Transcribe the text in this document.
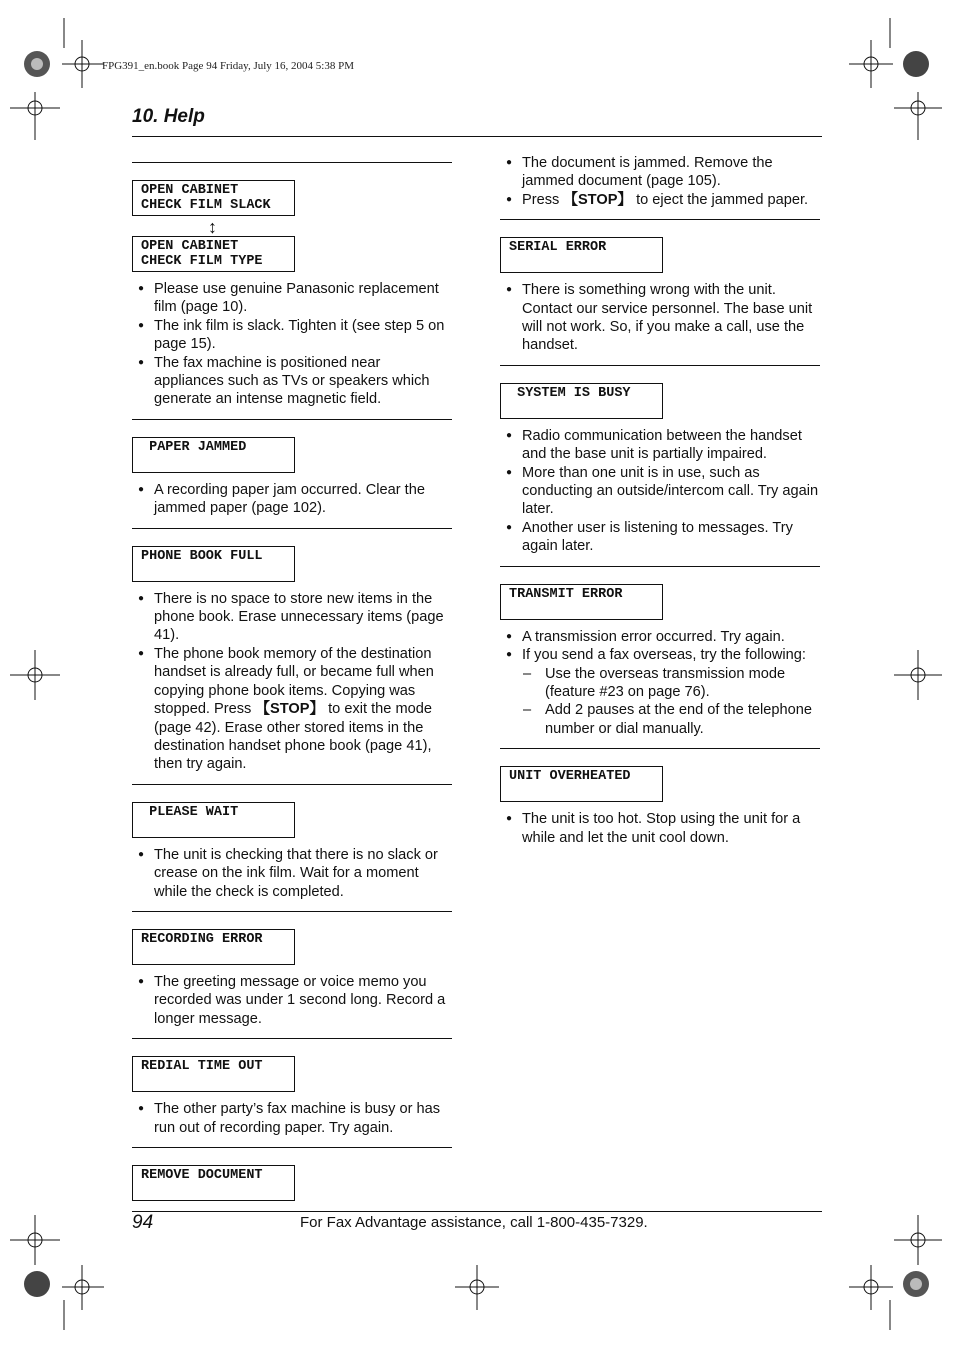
FPG391_en.book Page 94 Friday, July 16, 2004 5:38 PM
10. Help
OPEN CABINET
CHECK FILM SLACK
↕
OPEN CABINET
CHECK FILM TYPE
● Please use genuine Panasonic replacement film (page 10).
● The ink film is slack. Tighten it (see step 5 on page 15).
● The fax machine is positioned near appliances such as TVs or speakers which generate an intense magnetic field.
PAPER JAMMED
● A recording paper jam occurred. Clear the jammed paper (page 102).
PHONE BOOK FULL
● There is no space to store new items in the phone book. Erase unnecessary items (page 41).
● The phone book memory of the destination handset is already full, or became full when copying phone book items. Copying was stopped. Press 【STOP】 to exit the mode (page 42). Erase other stored items in the destination handset phone book (page 41), then try again.
PLEASE WAIT
● The unit is checking that there is no slack or crease on the ink film. Wait for a moment while the check is completed.
RECORDING ERROR
● The greeting message or voice memo you recorded was under 1 second long. Record a longer message.
REDIAL TIME OUT
● The other party’s fax machine is busy or has run out of recording paper. Try again.
REMOVE DOCUMENT
● The document is jammed. Remove the jammed document (page 105).
● Press 【STOP】 to eject the jammed paper.
SERIAL ERROR
● There is something wrong with the unit. Contact our service personnel. The base unit will not work. So, if you make a call, use the handset.
SYSTEM IS BUSY
● Radio communication between the handset and the base unit is partially impaired.
● More than one unit is in use, such as conducting an outside/intercom call. Try again later.
● Another user is listening to messages. Try again later.
TRANSMIT ERROR
● A transmission error occurred. Try again.
● If you send a fax overseas, try the following:
– Use the overseas transmission mode (feature #23 on page 76).
– Add 2 pauses at the end of the telephone number or dial manually.
UNIT OVERHEATED
● The unit is too hot. Stop using the unit for a while and let the unit cool down.
94	For Fax Advantage assistance, call 1-800-435-7329.
